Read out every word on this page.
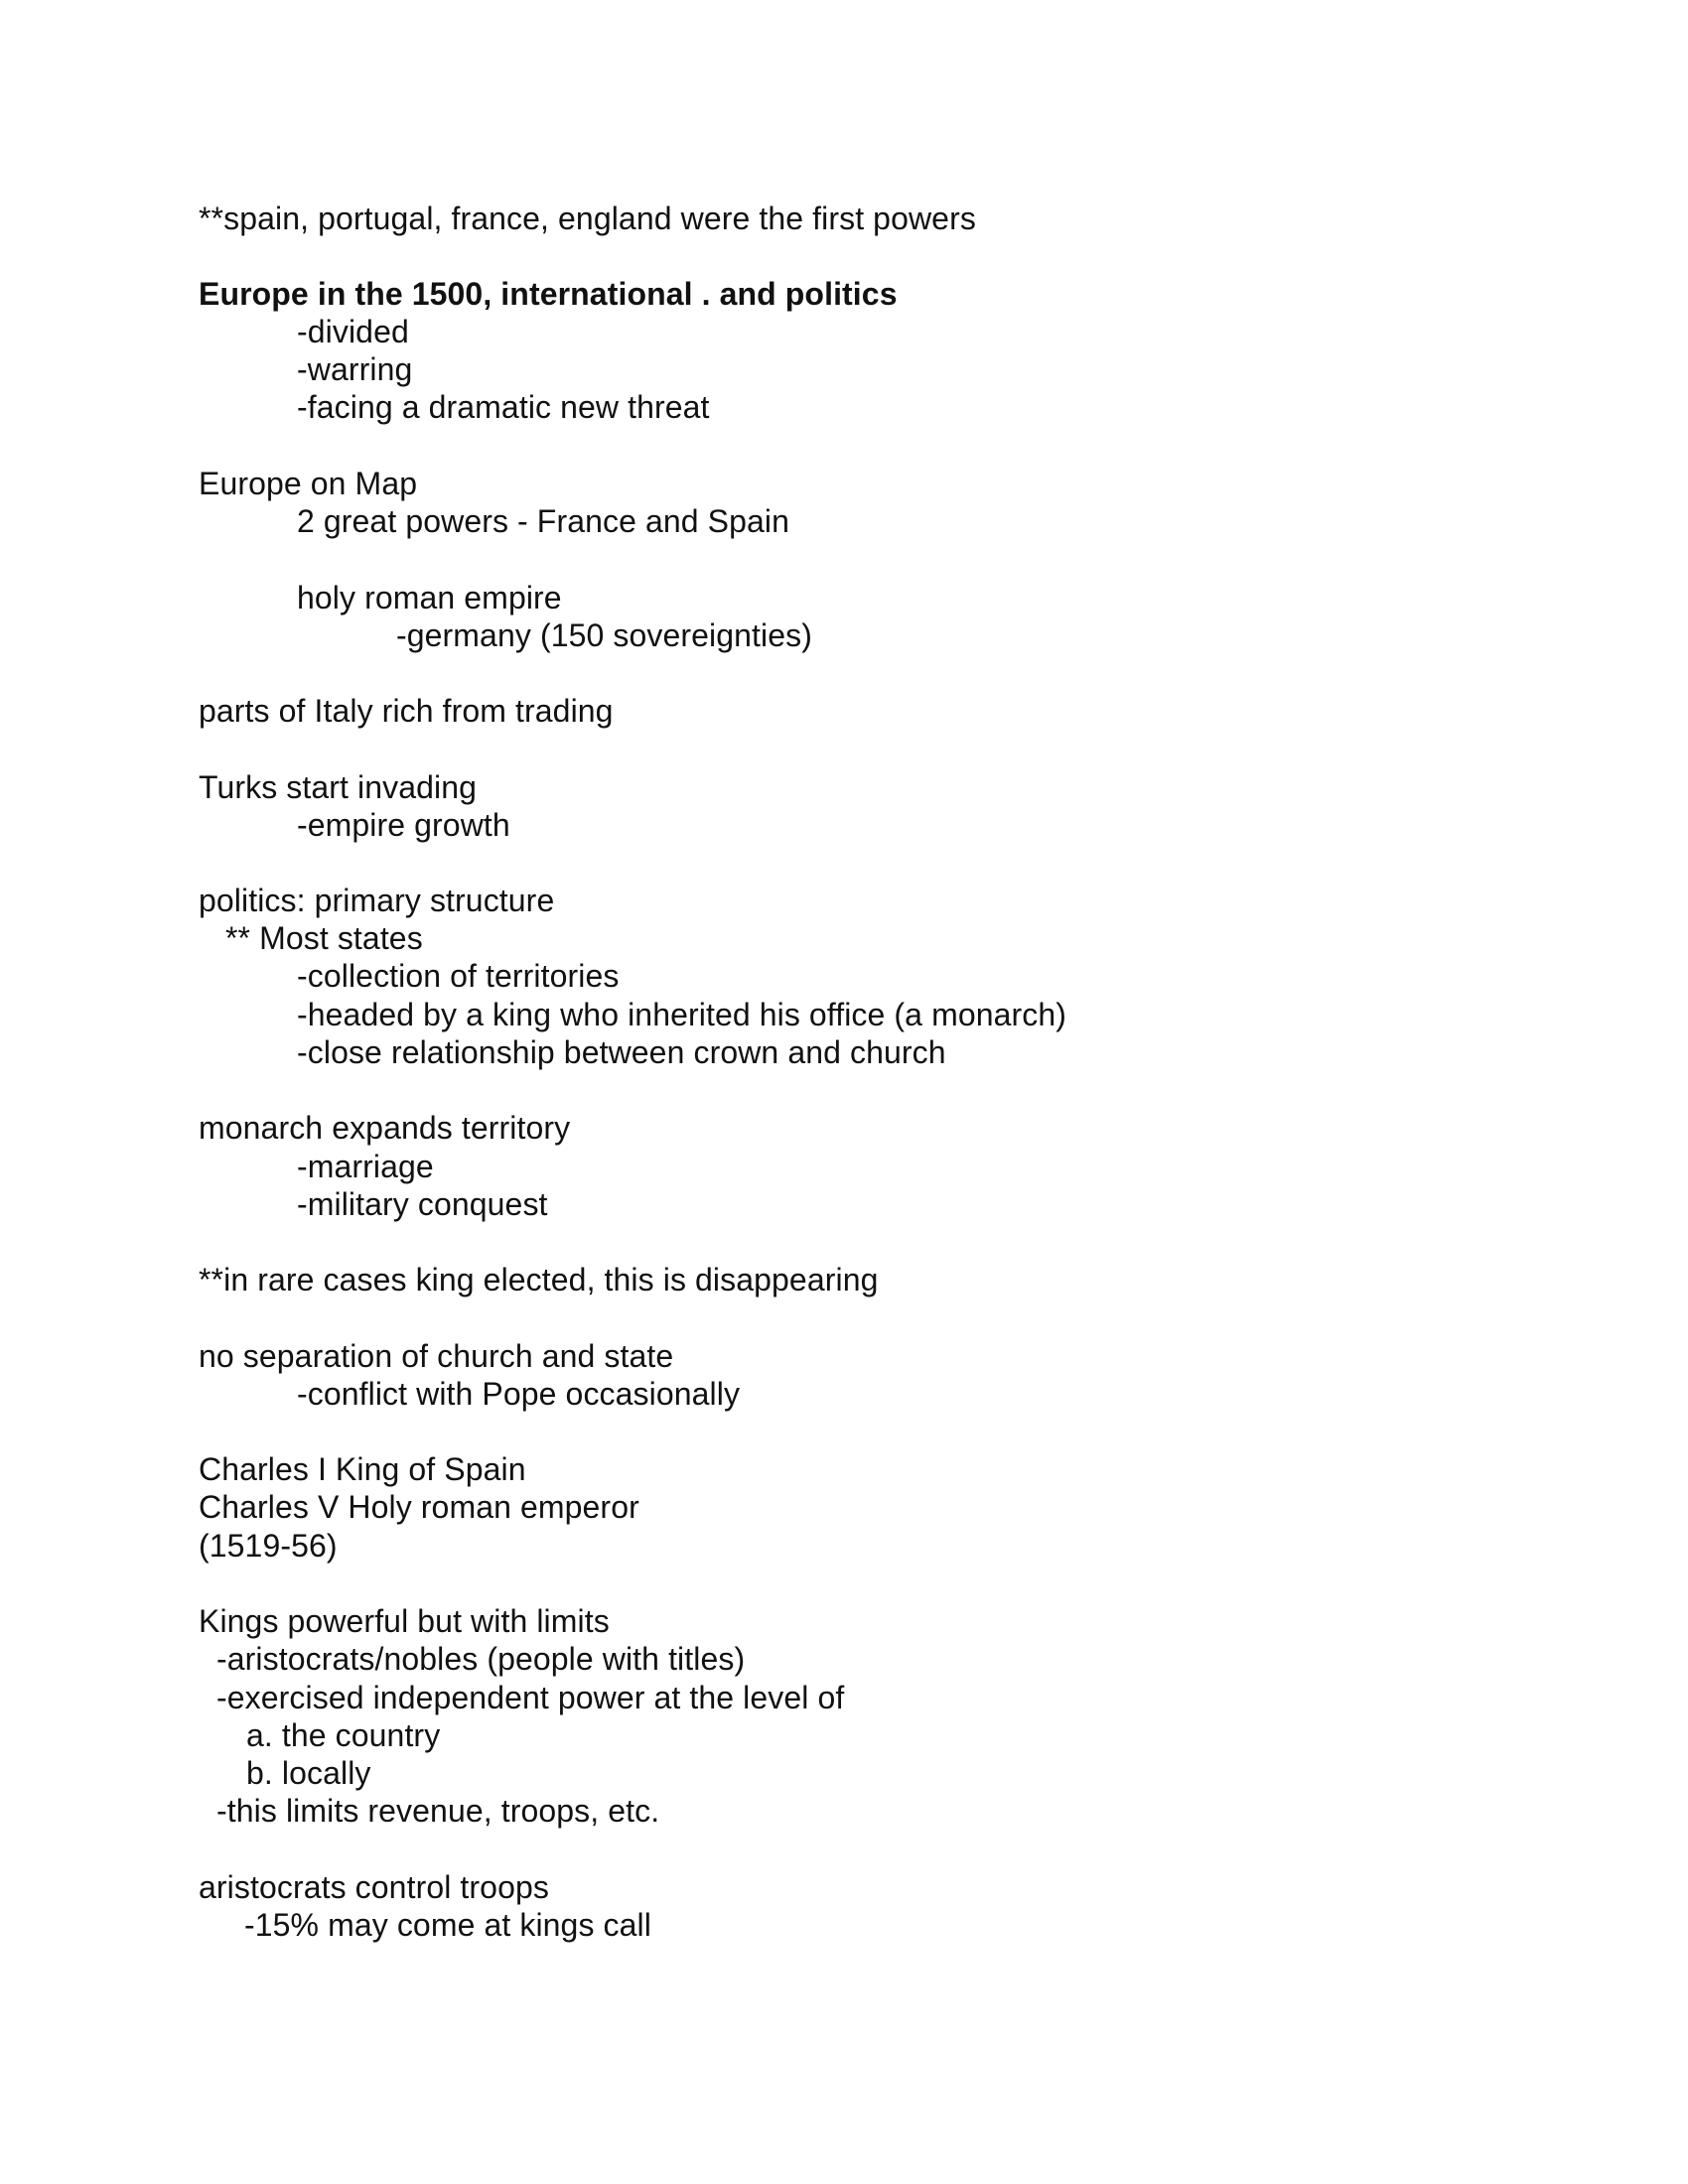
**spain, portugal, france, england were the first powers
Europe in the 1500, international . and politics
-divided
-warring
-facing a dramatic new threat
Europe on Map
2 great powers - France and Spain
holy roman empire
-germany (150 sovereignties)
parts of Italy rich from trading
Turks start invading
-empire growth
politics: primary structure
** Most states
-collection of territories
-headed by a king who inherited his office (a monarch)
-close relationship between crown and church
monarch expands territory
-marriage
-military conquest
**in rare cases king elected, this is disappearing
no separation of church and state
-conflict with Pope occasionally
Charles I King of Spain
Charles V Holy roman emperor
(1519-56)
Kings powerful but with limits
-aristocrats/nobles (people with titles)
-exercised independent power at the level of
a. the country
b. locally
-this limits revenue, troops, etc.
aristocrats control troops
-15% may come at kings call
